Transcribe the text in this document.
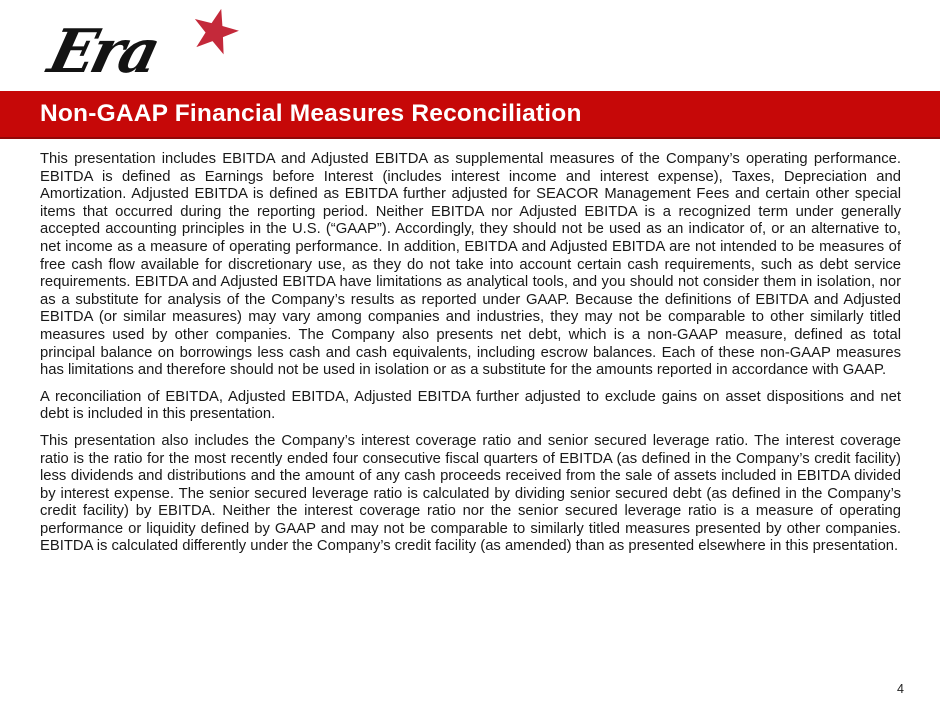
Era
Non-GAAP Financial Measures Reconciliation

This presentation includes EBITDA and Adjusted EBITDA as supplemental measures of the Company’s operating performance. EBITDA is defined as Earnings before Interest (includes interest income and interest expense), Taxes, Depreciation and Amortization. Adjusted EBITDA is defined as EBITDA further adjusted for SEACOR Management Fees and certain other special items that occurred during the reporting period. Neither EBITDA nor Adjusted EBITDA is a recognized term under generally accepted accounting principles in the U.S. (“GAAP”). Accordingly, they should not be used as an indicator of, or an alternative to, net income as a measure of operating performance. In addition, EBITDA and Adjusted EBITDA are not intended to be measures of free cash flow available for discretionary use, as they do not take into account certain cash requirements, such as debt service requirements. EBITDA and Adjusted EBITDA have limitations as analytical tools, and you should not consider them in isolation, nor as a substitute for analysis of the Company’s results as reported under GAAP. Because the definitions of EBITDA and Adjusted EBITDA (or similar measures) may vary among companies and industries, they may not be comparable to other similarly titled measures used by other companies. The Company also presents net debt, which is a non-GAAP measure, defined as total principal balance on borrowings less cash and cash equivalents, including escrow balances. Each of these non-GAAP measures has limitations and therefore should not be used in isolation or as a substitute for the amounts reported in accordance with GAAP.

A reconciliation of EBITDA, Adjusted EBITDA, Adjusted EBITDA further adjusted to exclude gains on asset dispositions and net debt is included in this presentation.

This presentation also includes the Company’s interest coverage ratio and senior secured leverage ratio. The interest coverage ratio is the ratio for the most recently ended four consecutive fiscal quarters of EBITDA (as defined in the Company’s credit facility) less dividends and distributions and the amount of any cash proceeds received from the sale of assets included in EBITDA divided by interest expense. The senior secured leverage ratio is calculated by dividing senior secured debt (as defined in the Company’s credit facility) by EBITDA. Neither the interest coverage ratio nor the senior secured leverage ratio is a measure of operating performance or liquidity defined by GAAP and may not be comparable to similarly titled measures presented by other companies. EBITDA is calculated differently under the Company’s credit facility (as amended) than as presented elsewhere in this presentation.

4
